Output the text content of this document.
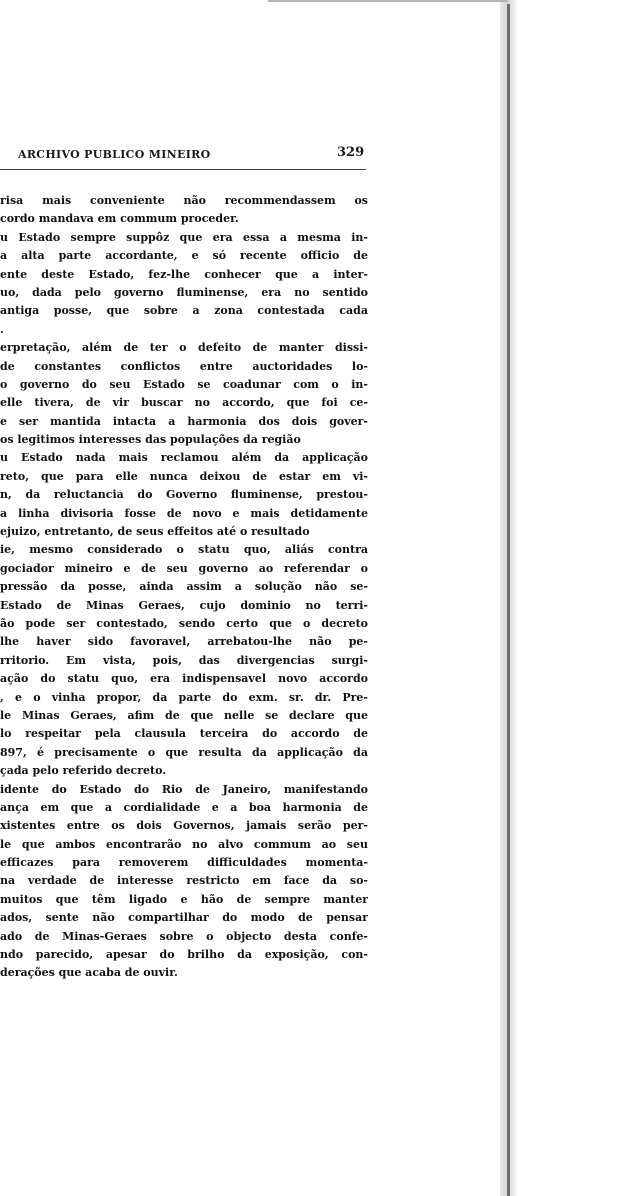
ARCHIVO PUBLICO MINEIRO	329
risa mais conveniente não recommendassem os
cordo mandava em commum proceder.
u Estado sempre suppôz que era essa a mesma in-
a alta parte accordante, e só recente officio de
ente deste Estado, fez-lhe conhecer que a inter-
uo, dada pelo governo fluminense, era no sentido
antiga posse, que sobre a zona contestada cada
.
erpretação, além de ter o defeito de manter dissi-
de constantes conflictos entre auctoridades lo-
o governo do seu Estado se coadunar com o in-
elle tivera, de vir buscar no accordo, que foi ce-
e ser mantida intacta a harmonia dos dois gover-
os legitimos interesses das populações da região
u Estado nada mais reclamou além da applicação
reto, que para elle nunca deixou de estar em vi-
n, da reluctancia do Governo fluminense, prestou-
a linha divisoria fosse de novo e mais detidamente
ejuizo, entretanto, de seus effeitos até o resultado
ie, mesmo considerado o statu quo, aliás contra
gociador mineiro e de seu governo ao referendar o
pressão da posse, ainda assim a solução não se-
Estado de Minas Geraes, cujo dominio no terri-
ão pode ser contestado, sendo certo que o decreto
lhe haver sido favoravel, arrebatou-lhe não pe-
rritorio. Em vista, pois, das divergencias surgi-
ação do statu quo, era indispensavel novo accordo
, e o vinha propor, da parte do exm. sr. dr. Pre-
le Minas Geraes, afim de que nelle se declare que
lo respeitar pela clausula terceira do accordo de
897, é precisamente o que resulta da applicação da
çada pelo referido decreto.
idente do Estado do Rio de Janeiro, manifestando
ança em que a cordialidade e a boa harmonia de
xistentes entre os dois Governos, jamais serão per-
le que ambos encontrarão no alvo commum ao seu
efficazes para removerem difficuldades momenta-
na verdade de interesse restricto em face da so-
muitos que têm ligado e hão de sempre manter
ados, sente não compartilhar do modo de pensar
ado de Minas-Geraes sobre o objecto desta confe-
ndo parecido, apesar do brilho da exposição, con-
derações que acaba de ouvir.
